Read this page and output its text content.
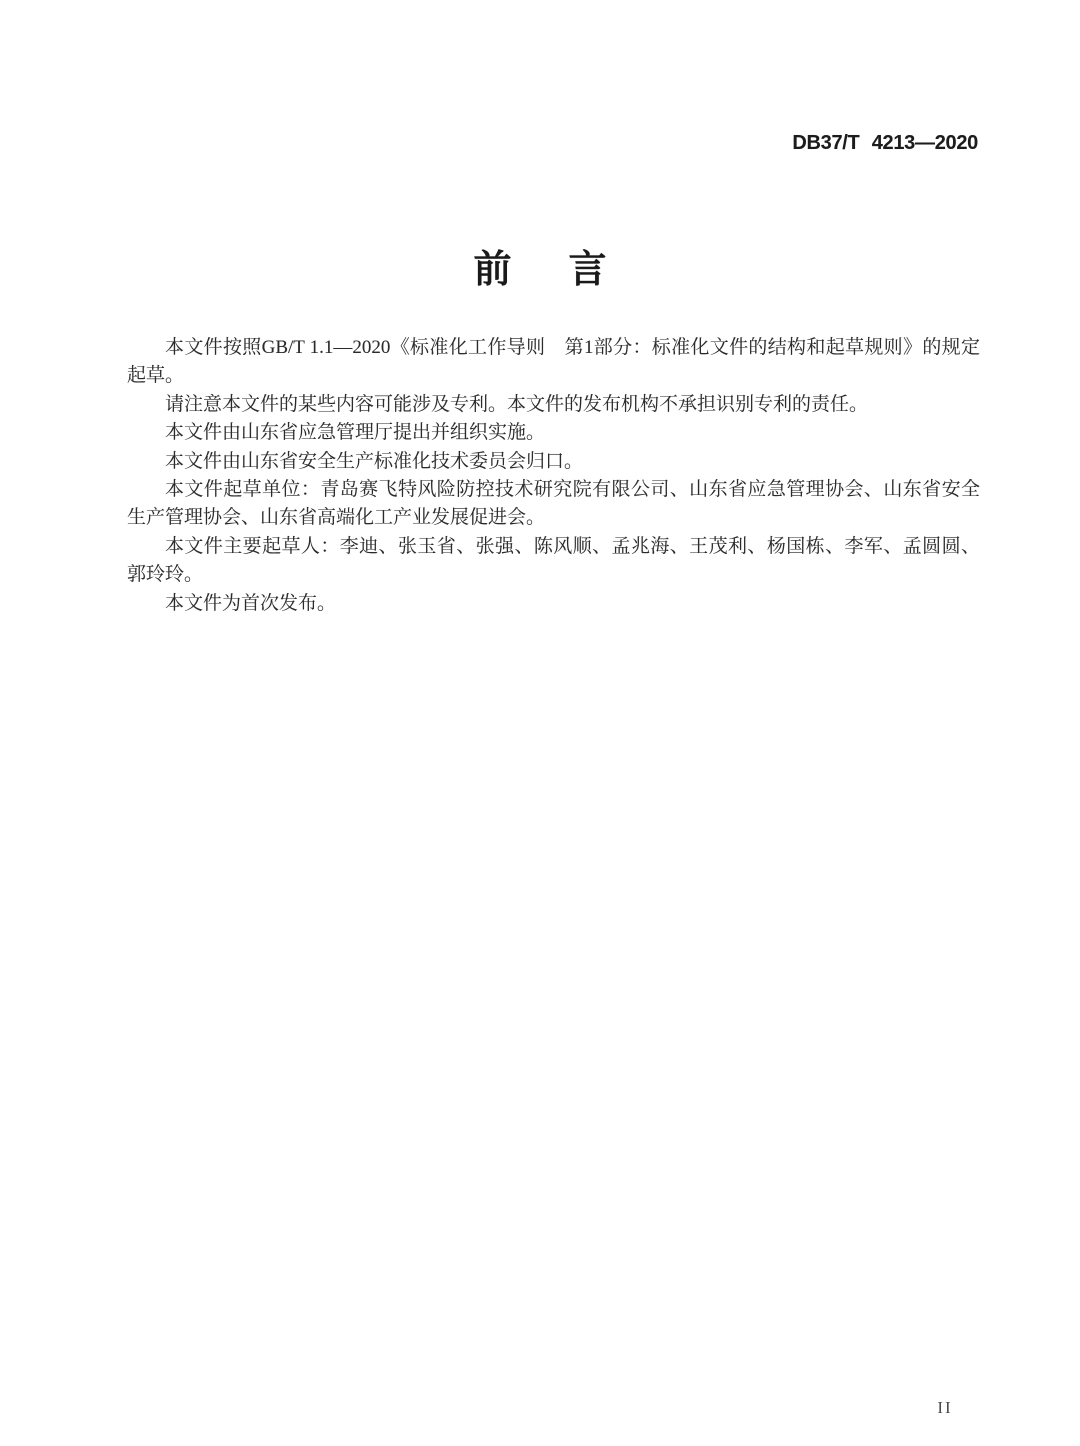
DB37/T 4213—2020
前言

本文件按照GB/T 1.1—2020《标准化工作导则　第1部分：标准化文件的结构和起草规则》的规定起草。

请注意本文件的某些内容可能涉及专利。本文件的发布机构不承担识别专利的责任。

本文件由山东省应急管理厅提出并组织实施。

本文件由山东省安全生产标准化技术委员会归口。

本文件起草单位：青岛赛飞特风险防控技术研究院有限公司、山东省应急管理协会、山东省安全生产管理协会、山东省高端化工产业发展促进会。

本文件主要起草人：李迪、张玉省、张强、陈风顺、孟兆海、王茂利、杨国栋、李军、孟圆圆、郭玲玲。

本文件为首次发布。

II
